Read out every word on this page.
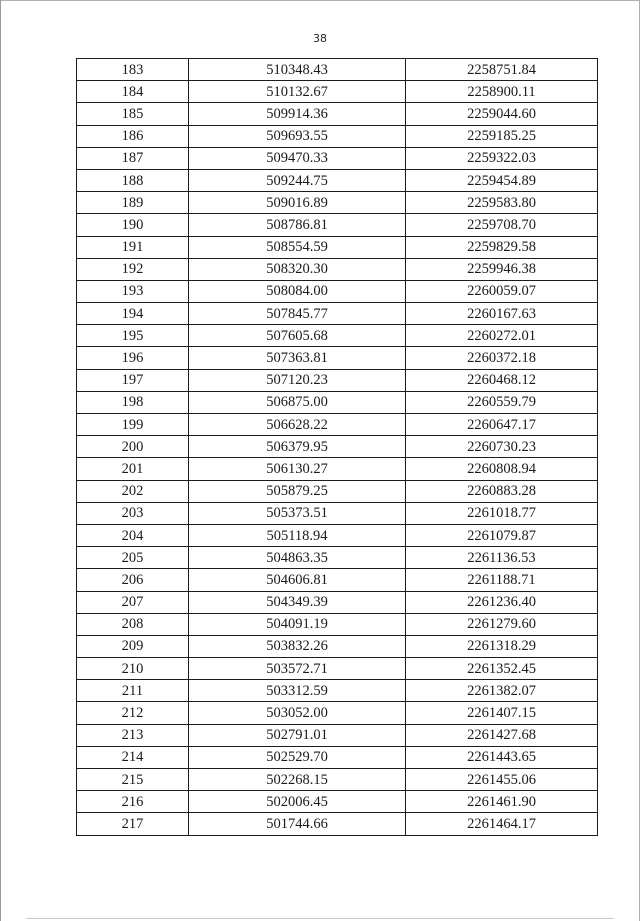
38
183	510348.43	2258751.84
184	510132.67	2258900.11
185	509914.36	2259044.60
186	509693.55	2259185.25
187	509470.33	2259322.03
188	509244.75	2259454.89
189	509016.89	2259583.80
190	508786.81	2259708.70
191	508554.59	2259829.58
192	508320.30	2259946.38
193	508084.00	2260059.07
194	507845.77	2260167.63
195	507605.68	2260272.01
196	507363.81	2260372.18
197	507120.23	2260468.12
198	506875.00	2260559.79
199	506628.22	2260647.17
200	506379.95	2260730.23
201	506130.27	2260808.94
202	505879.25	2260883.28
203	505373.51	2261018.77
204	505118.94	2261079.87
205	504863.35	2261136.53
206	504606.81	2261188.71
207	504349.39	2261236.40
208	504091.19	2261279.60
209	503832.26	2261318.29
210	503572.71	2261352.45
211	503312.59	2261382.07
212	503052.00	2261407.15
213	502791.01	2261427.68
214	502529.70	2261443.65
215	502268.15	2261455.06
216	502006.45	2261461.90
217	501744.66	2261464.17
